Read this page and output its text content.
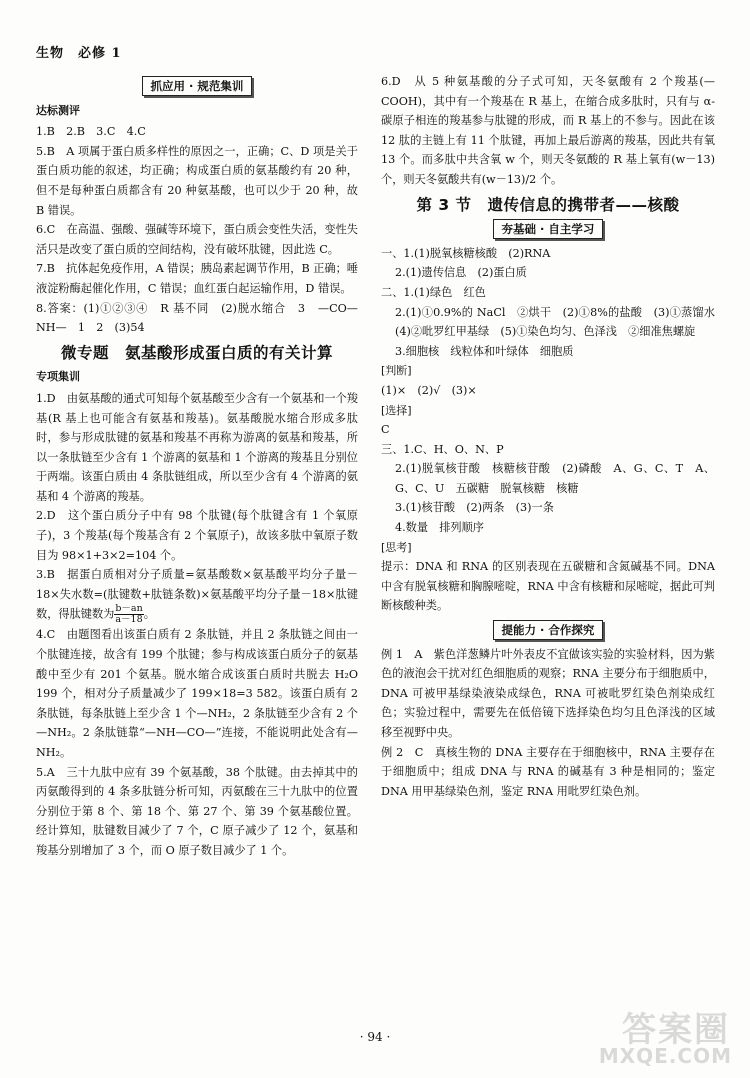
生物　必修 1
抓应用 · 规范集训
达标测评

1.B　2.B　3.C　4.C

5.B　A 项属于蛋白质多样性的原因之一，正确；C、D 项是关于蛋白质功能的叙述，均正确；构成蛋白质的氨基酸约有 20 种，但不是每种蛋白质都含有 20 种氨基酸，也可以少于 20 种，故 B 错误。

6.C　在高温、强酸、强碱等环境下，蛋白质会变性失活，变性失活只是改变了蛋白质的空间结构，没有破坏肽键，因此选 C。

7.B　抗体起免疫作用，A 错误；胰岛素起调节作用，B 正确；唾液淀粉酶起催化作用，C 错误；血红蛋白起运输作用，D 错误。

8.答案：(1)①②③④　R 基不同　(2)脱水缩合　3　—CO—NH—　1　2　(3)54

微专题　氨基酸形成蛋白质的有关计算
专项集训

1.D　由氨基酸的通式可知每个氨基酸至少含有一个氨基和一个羧基(R 基上也可能含有氨基和羧基)。氨基酸脱水缩合形成多肽时，参与形成肽键的氨基和羧基不再称为游离的氨基和羧基，所以一条肽链至少含有 1 个游离的氨基和 1 个游离的羧基且分别位于两端。该蛋白质由 4 条肽链组成，所以至少含有 4 个游离的氨基和 4 个游离的羧基。

2.D　这个蛋白质分子中有 98 个肽键(每个肽键含有 1 个氧原子)，3 个羧基(每个羧基含有 2 个氧原子)，故该多肽中氧原子数目为 98×1+3×2=104 个。

3.B　据蛋白质相对分子质量=氨基酸数×氨基酸平均分子量－18×失水数=(肽键数+肽链条数)×氨基酸平均分子量－18×肽键数，得肽键数为 $\frac{b-an}{a-18}$ 。

4.C　由题图看出该蛋白质有 2 条肽链，并且 2 条肽链之间由一个肽键连接，故含有 199 个肽键；参与构成该蛋白质分子的氨基酸中至少有 201 个氨基。脱水缩合成该蛋白质时共脱去 H₂O 199 个，相对分子质量减少了 199×18=3 582。该蛋白质有 2 条肽链，每条肽链上至少含 1 个—NH₂，2 条肽链至少含有 2 个—NH₂。2 条肽链靠“—NH—CO—”连接，不能说明此处含有—NH₂。

5.A　三十九肽中应有 39 个氨基酸，38 个肽键。由去掉其中的丙氨酸得到的 4 条多肽链分析可知，丙氨酸在三十九肽中的位置分别位于第 8 个、第 18 个、第 27 个、第 39 个氨基酸位置。经计算知，肽键数目减少了 7 个，C 原子减少了 12 个，氨基和羧基分别增加了 3 个，而 O 原子数目减少了 1 个。

6.D　从 5 种氨基酸的分子式可知，天冬氨酸有 2 个羧基(—COOH)，其中有一个羧基在 R 基上，在缩合成多肽时，只有与 α-碳原子相连的羧基参与肽键的形成，而 R 基上的不参与。因此在该 12 肽的主链上有 11 个肽键，再加上最后游离的羧基，因此共有氧 13 个。而多肽中共含氧 w 个，则天冬氨酸的 R 基上氧有(w－13)个，则天冬氨酸共有(w－13)/2 个。

第 3 节　遗传信息的携带者——核酸
夯基础 · 自主学习

一、1.(1)脱氧核糖核酸　(2)RNA

2.(1)遗传信息　(2)蛋白质

二、1.(1)绿色　红色

2.(1)①0.9%的 NaCl　②烘干　(2)①8%的盐酸　(3)①蒸馏水　(4)②吡罗红甲基绿　(5)①染色均匀、色泽浅　②细准焦螺旋

3.细胞核　线粒体和叶绿体　细胞质

[判断]

(1)×　(2)√　(3)×

[选择]

C

三、1.C、H、O、N、P

2.(1)脱氧核苷酸　核糖核苷酸　(2)磷酸　A、G、C、T　A、G、C、U　五碳糖　脱氧核糖　核糖

3.(1)核苷酸　(2)两条　(3)一条

4.数量　排列顺序

[思考]

提示：DNA 和 RNA 的区别表现在五碳糖和含氮碱基不同。DNA 中含有脱氧核糖和胸腺嘧啶，RNA 中含有核糖和尿嘧啶，据此可判断核酸种类。

提能力 · 合作探究

例 1　A　紫色洋葱鳞片叶外表皮不宜做该实验的实验材料，因为紫色的液泡会干扰对红色细胞质的观察；RNA 主要分布于细胞质中，DNA 可被甲基绿染液染成绿色，RNA 可被吡罗红染色剂染成红色；实验过程中，需要先在低倍镜下选择染色均匀且色泽浅的区域移至视野中央。

例 2　C　真核生物的 DNA 主要存在于细胞核中，RNA 主要存在于细胞质中；组成 DNA 与 RNA 的碱基有 3 种是相同的；鉴定 DNA 用甲基绿染色剂，鉴定 RNA 用吡罗红染色剂。

· 94 ·	答案圈
MXQE.COM
